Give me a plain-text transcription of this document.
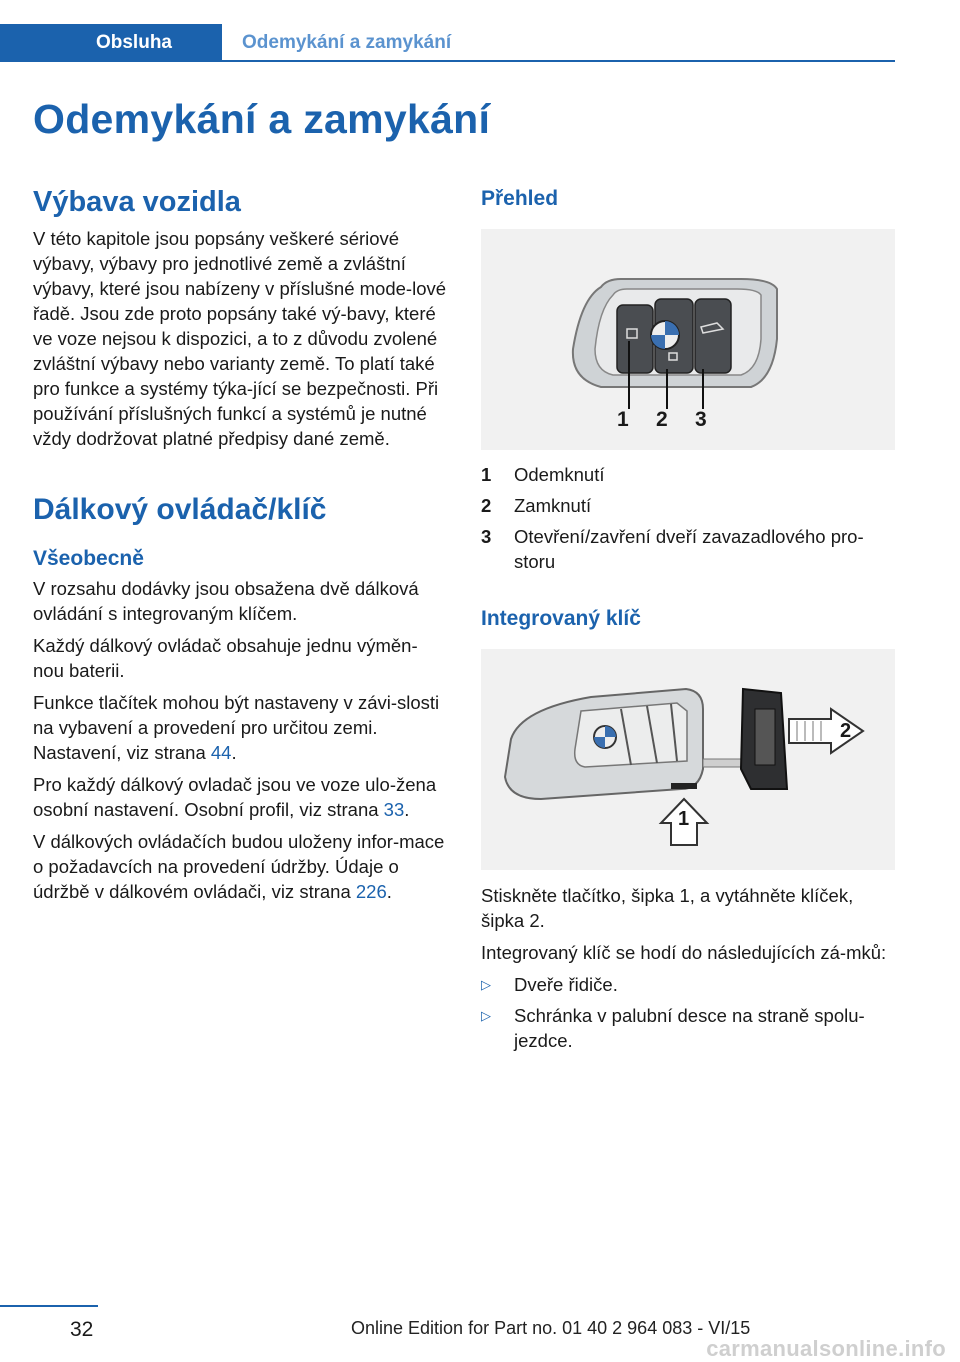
Obsluha	Odemykání a zamykání
Odemykání a zamykání
Výbava vozidla

V této kapitole jsou popsány veškeré sériové výbavy, výbavy pro jednotlivé země a zvláštní výbavy, které jsou nabízeny v příslušné mode-lové řadě. Jsou zde proto popsány také vý-bavy, které ve voze nejsou k dispozici, a to z důvodu zvolené zvláštní výbavy nebo varianty země. To platí také pro funkce a systémy týka-jící se bezpečnosti. Při používání příslušných funkcí a systémů je nutné vždy dodržovat platné předpisy dané země.

Dálkový ovládač/klíč
Všeobecně

V rozsahu dodávky jsou obsažena dvě dálková ovládání s integrovaným klíčem.

Každý dálkový ovládač obsahuje jednu výměn-nou baterii.

Funkce tlačítek mohou být nastaveny v závi-slosti na vybavení a provedení pro určitou zemi. Nastavení, viz strana 44.

Pro každý dálkový ovladač jsou ve voze ulo-žena osobní nastavení. Osobní profil, viz strana 33.

V dálkových ovládačích budou uloženy infor-mace o požadavcích na provedení údržby. Údaje o údržbě v dálkovém ovládači, viz strana 226.

Přehled
1 2 3
1	Odemknutí
2	Zamknutí
3	Otevření/zavření dveří zavazadlového pro-storu
Integrovaný klíč
1
2

Stiskněte tlačítko, šipka 1, a vytáhněte klíček, šipka 2.

Integrovaný klíč se hodí do následujících zá-mků:

▷	Dveře řidiče.
▷	Schránka v palubní desce na straně spolu-jezdce.
32	Online Edition for Part no. 01 40 2 964 083 - VI/15
carmanualsonline.info
